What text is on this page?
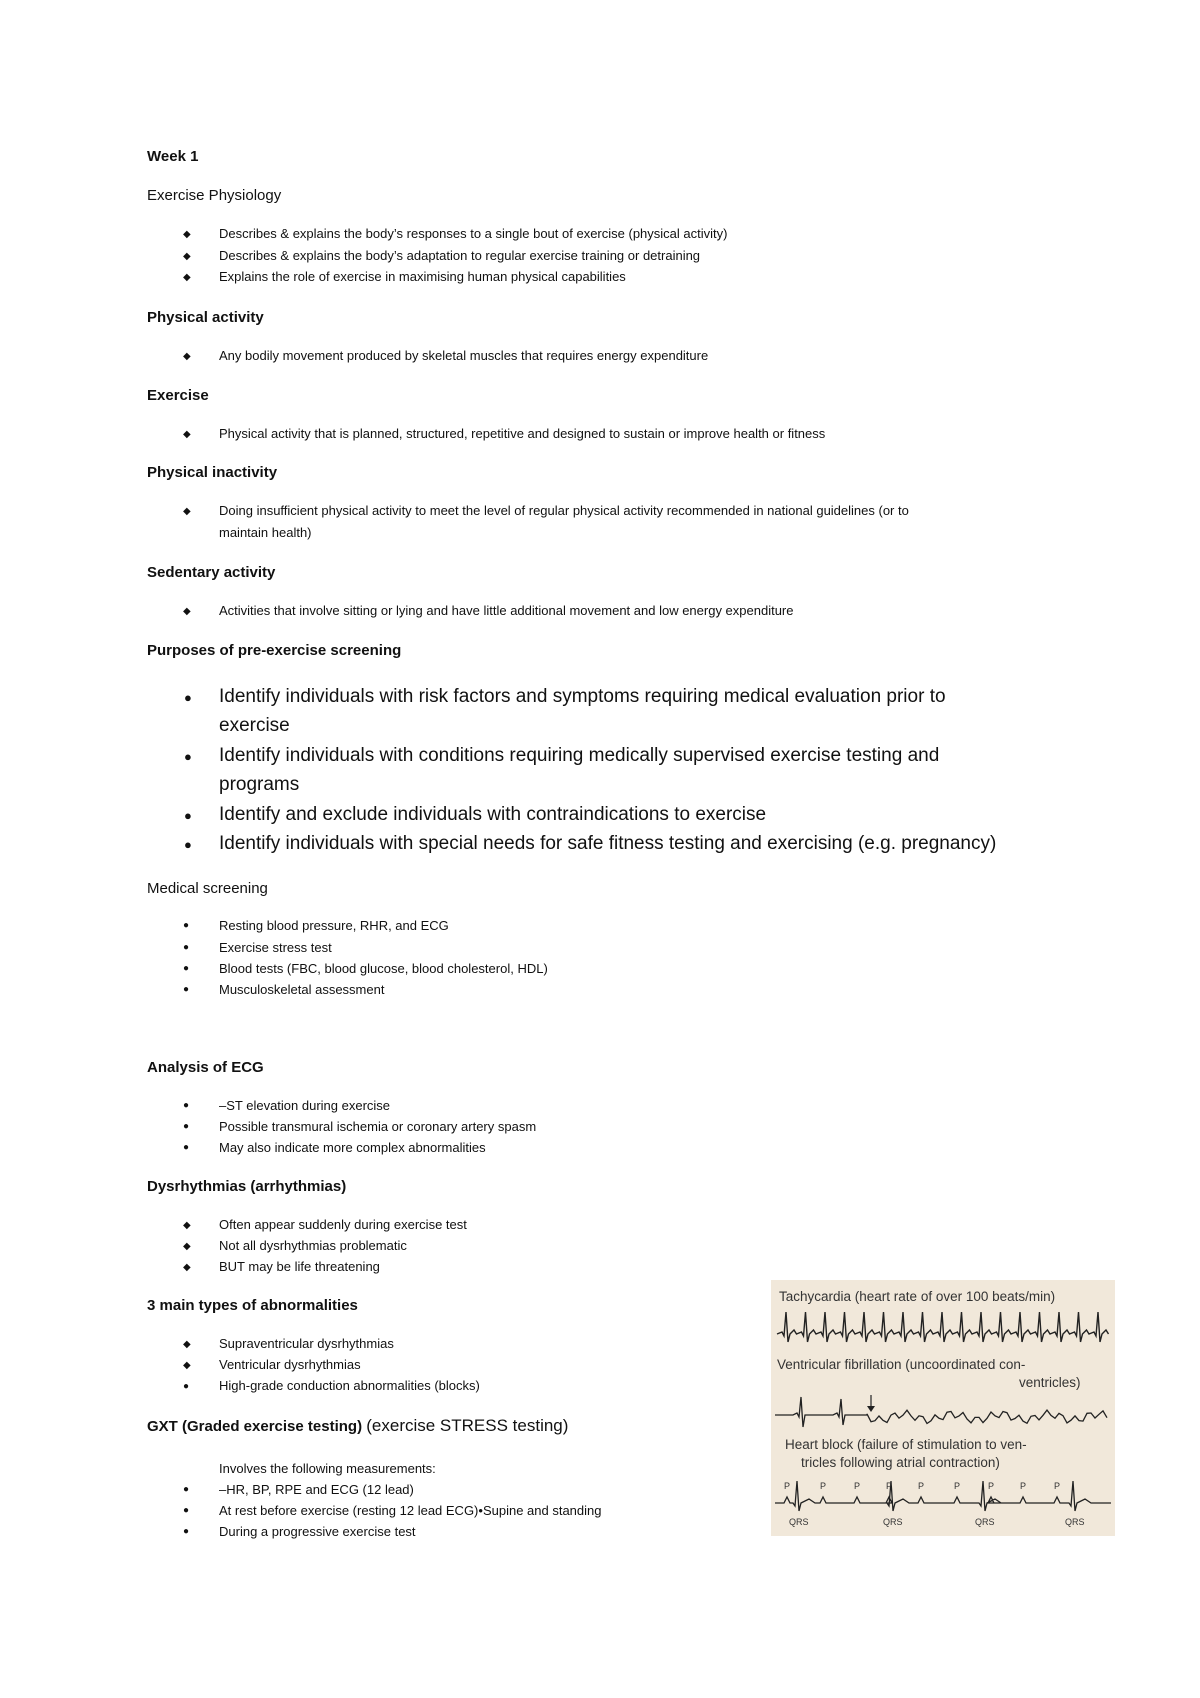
Week 1
Exercise Physiology
◆ Describes & explains the body’s responses to a single bout of exercise (physical activity)
◆ Describes & explains the body’s adaptation to regular exercise training or detraining
◆ Explains the role of exercise in maximising human physical capabilities
Physical activity
◆ Any bodily movement produced by skeletal muscles that requires energy expenditure
Exercise
◆ Physical activity that is planned, structured, repetitive and designed to sustain or improve health or fitness
Physical inactivity
◆ Doing insufficient physical activity to meet the level of regular physical activity recommended in national guidelines (or to
maintain health)
Sedentary activity
◆ Activities that involve sitting or lying and have little additional movement and low energy expenditure
Purposes of pre-exercise screening
● Identify individuals with risk factors and symptoms requiring medical evaluation prior to
exercise
● Identify individuals with conditions requiring medically supervised exercise testing and
programs
● Identify and exclude individuals with contraindications to exercise
● Identify individuals with special needs for safe fitness testing and exercising (e.g. pregnancy)
Medical screening
● Resting blood pressure, RHR, and ECG
● Exercise stress test
● Blood tests (FBC, blood glucose, blood cholesterol, HDL)
● Musculoskeletal assessment
Analysis of ECG
● –ST elevation during exercise
● Possible transmural ischemia or coronary artery spasm
● May also indicate more complex abnormalities
Dysrhythmias (arrhythmias)
◆ Often appear suddenly during exercise test
◆ Not all dysrhythmias problematic
◆ BUT may be life threatening
3 main types of abnormalities
◆ Supraventricular dysrhythmias
◆ Ventricular dysrhythmias
● High-grade conduction abnormalities (blocks)
GXT (Graded exercise testing) (exercise STRESS testing)
Involves the following measurements:
● –HR, BP, RPE and ECG (12 lead)
● At rest before exercise (resting 12 lead ECG)•Supine and standing
● During a progressive exercise test
Tachycardia (heart rate of over 100 beats/min)
Ventricular fibrillation (uncoordinated con-
ventricles)
Heart block (failure of stimulation to ven-
tricles following atrial contraction)
P	P	P	P	P	P	P	P	P
QRS	QRS	QRS	QRS
